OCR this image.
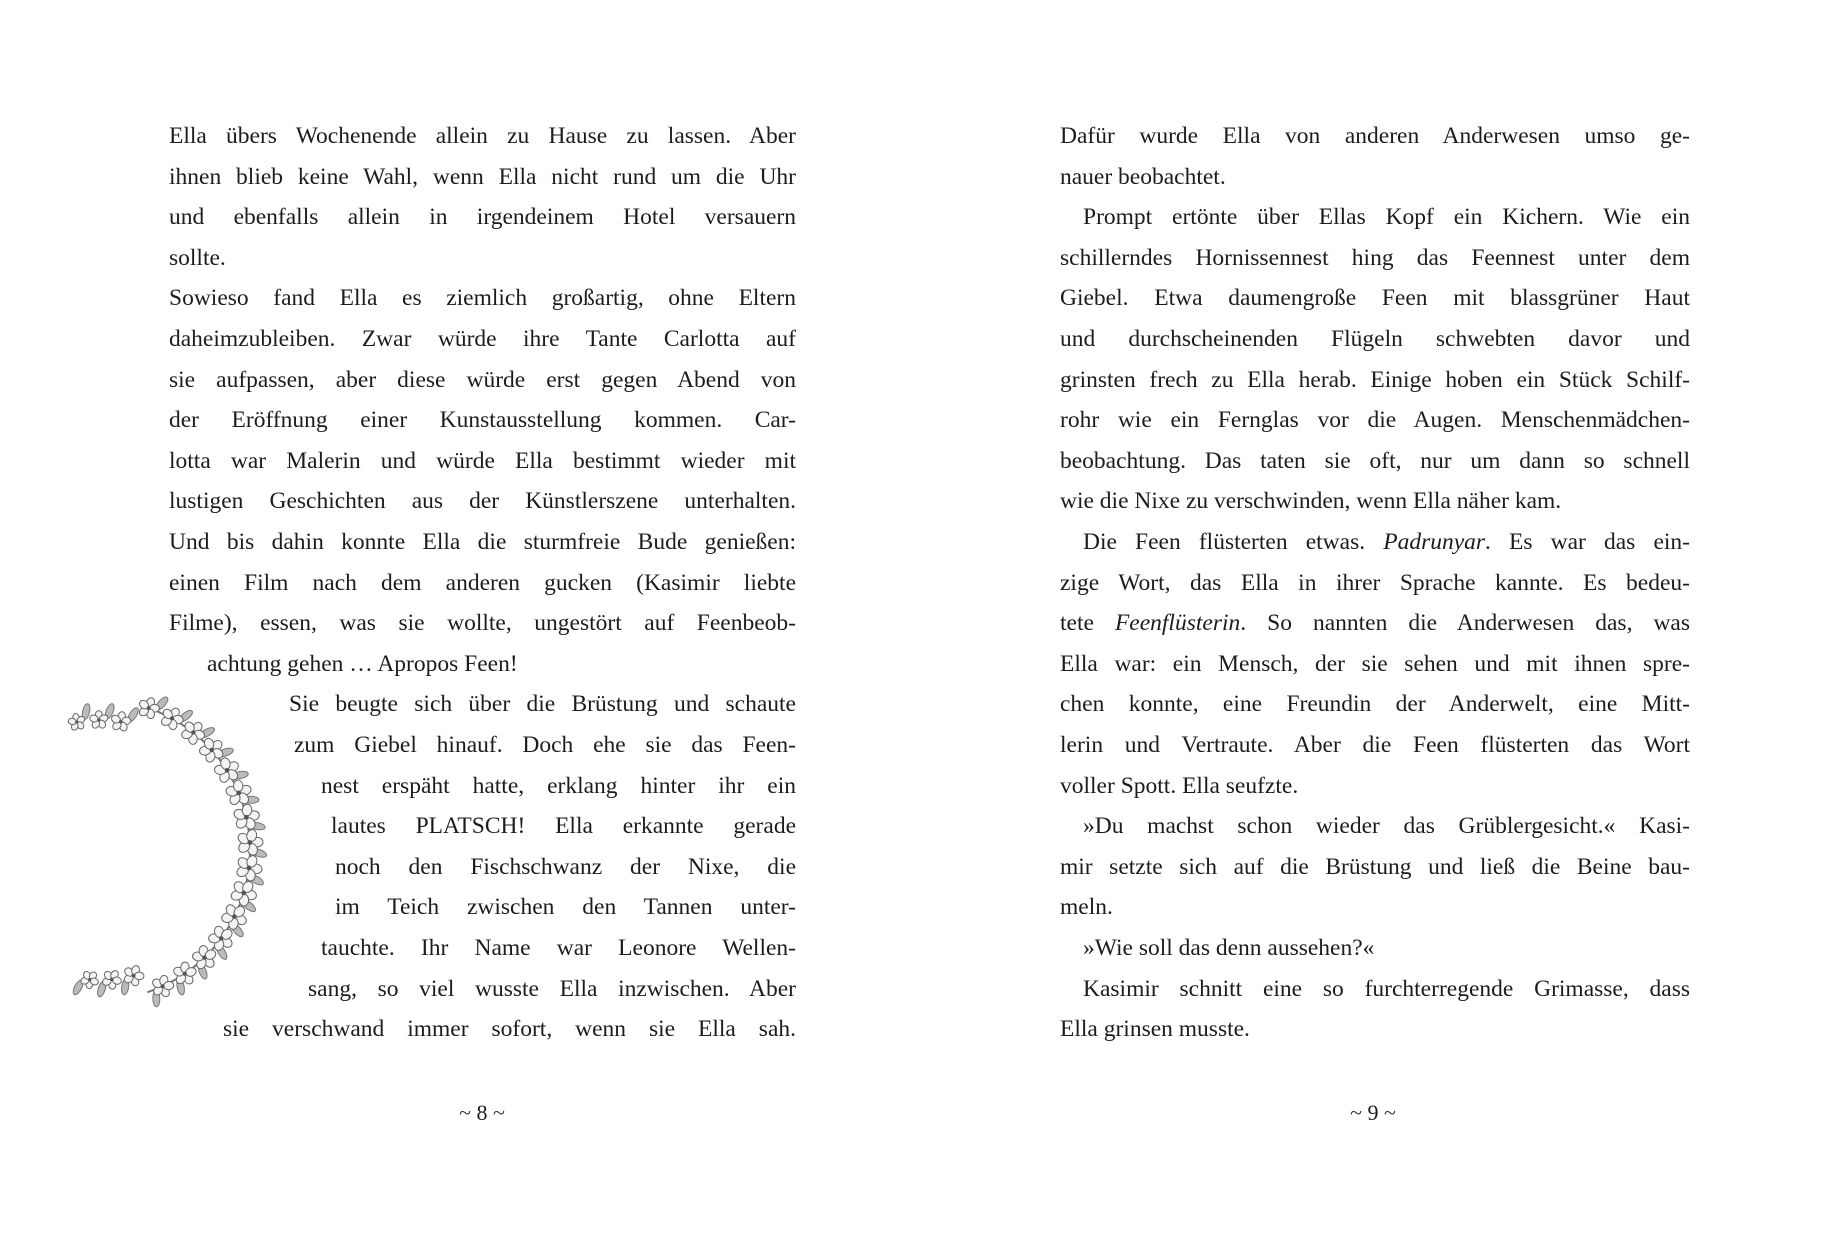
Ella übers Wochenende allein zu Hause zu lassen. Aber
ihnen blieb keine Wahl, wenn Ella nicht rund um die Uhr
und ebenfalls allein in irgendeinem Hotel versauern
sollte.
Sowieso fand Ella es ziemlich großartig, ohne Eltern
daheimzubleiben. Zwar würde ihre Tante Carlotta auf
sie aufpassen, aber diese würde erst gegen Abend von
der Eröffnung einer Kunstausstellung kommen. Car-
lotta war Malerin und würde Ella bestimmt wieder mit
lustigen Geschichten aus der Künstlerszene unterhalten.
Und bis dahin konnte Ella die sturmfreie Bude genießen:
einen Film nach dem anderen gucken (Kasimir liebte
Filme), essen, was sie wollte, ungestört auf Feenbeob-
achtung gehen … Apropos Feen!
Sie beugte sich über die Brüstung und schaute
zum Giebel hinauf. Doch ehe sie das Feen-
nest erspäht hatte, erklang hinter ihr ein
lautes PLATSCH! Ella erkannte gerade
noch den Fischschwanz der Nixe, die
im Teich zwischen den Tannen unter-
tauchte. Ihr Name war Leonore Wellen-
sang, so viel wusste Ella inzwischen. Aber
sie verschwand immer sofort, wenn sie Ella sah.
Dafür wurde Ella von anderen Anderwesen umso ge-
nauer beobachtet.
Prompt ertönte über Ellas Kopf ein Kichern. Wie ein
schillerndes Hornissennest hing das Feennest unter dem
Giebel. Etwa daumengroße Feen mit blassgrüner Haut
und durchscheinenden Flügeln schwebten davor und
grinsten frech zu Ella herab. Einige hoben ein Stück Schilf-
rohr wie ein Fernglas vor die Augen. Menschenmädchen-
beobachtung. Das taten sie oft, nur um dann so schnell
wie die Nixe zu verschwinden, wenn Ella näher kam.
Die Feen flüsterten etwas. Padrunyar. Es war das ein-
zige Wort, das Ella in ihrer Sprache kannte. Es bedeu-
tete Feenflüsterin. So nannten die Anderwesen das, was
Ella war: ein Mensch, der sie sehen und mit ihnen spre-
chen konnte, eine Freundin der Anderwelt, eine Mitt-
lerin und Vertraute. Aber die Feen flüsterten das Wort
voller Spott. Ella seufzte.
»Du machst schon wieder das Grüblergesicht.« Kasi-
mir setzte sich auf die Brüstung und ließ die Beine bau-
meln.
»Wie soll das denn aussehen?«
Kasimir schnitt eine so furchterregende Grimasse, dass
Ella grinsen musste.
~ 8 ~	~ 9 ~
